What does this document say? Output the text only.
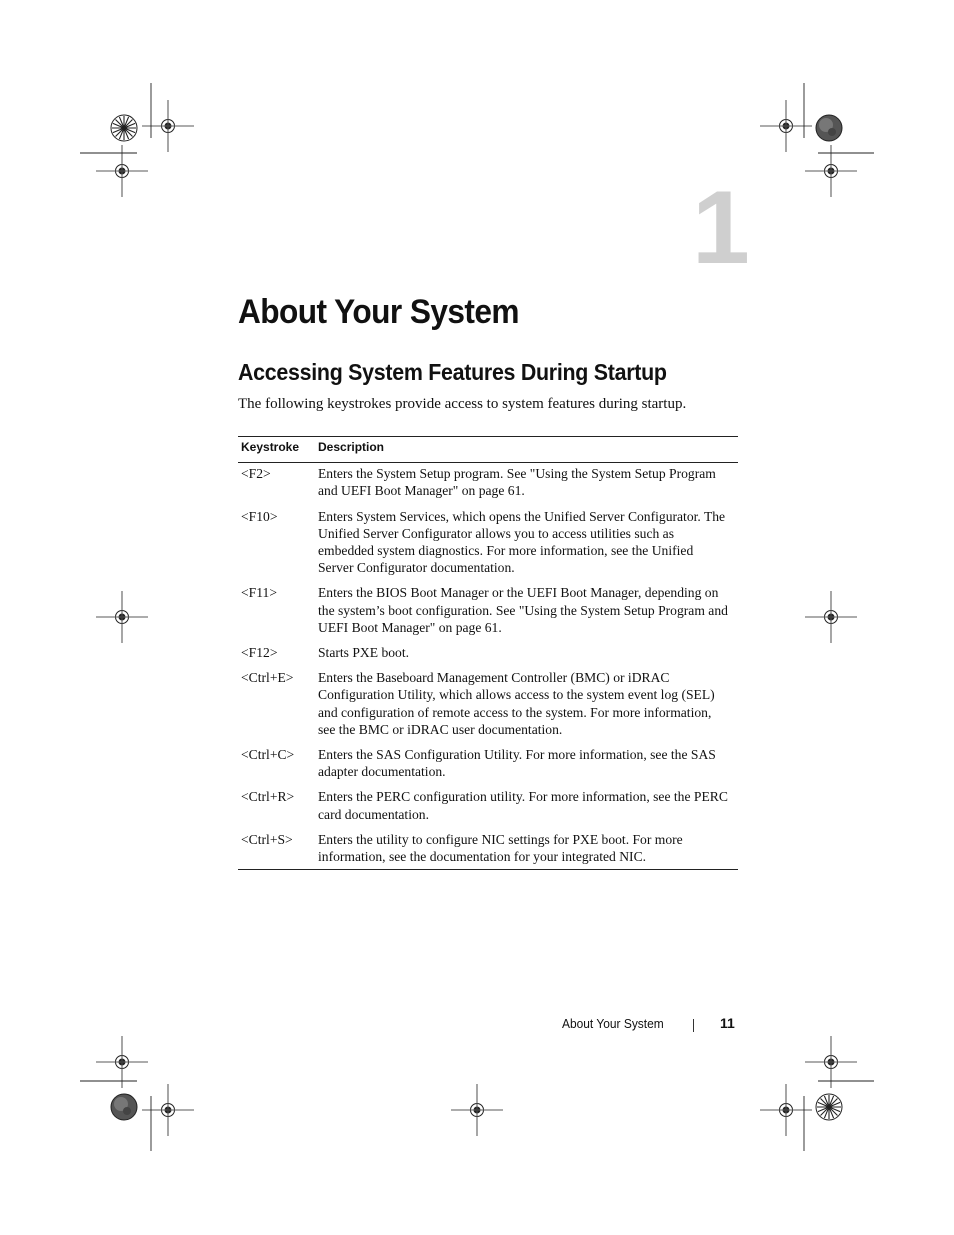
1
About Your System
Accessing System Features During Startup

The following keystrokes provide access to system features during startup.

Keystroke	Description
<F2>	Enters the System Setup program. See "Using the System Setup Program and UEFI Boot Manager" on page 61.
<F10>	Enters System Services, which opens the Unified Server Configurator. The Unified Server Configurator allows you to access utilities such as embedded system diagnostics. For more information, see the Unified Server Configurator documentation.
<F11>	Enters the BIOS Boot Manager or the UEFI Boot Manager, depending on the system’s boot configuration. See "Using the System Setup Program and UEFI Boot Manager" on page 61.
<F12>	Starts PXE boot.
<Ctrl+E>	Enters the Baseboard Management Controller (BMC) or iDRAC Configuration Utility, which allows access to the system event log (SEL) and configuration of remote access to the system. For more information, see the BMC or iDRAC user documentation.
<Ctrl+C>	Enters the SAS Configuration Utility. For more information, see the SAS adapter documentation.
<Ctrl+R>	Enters the PERC configuration utility. For more information, see the PERC card documentation.
<Ctrl+S>	Enters the utility to configure NIC settings for PXE boot. For more information, see the documentation for your integrated NIC.
About Your System	11
